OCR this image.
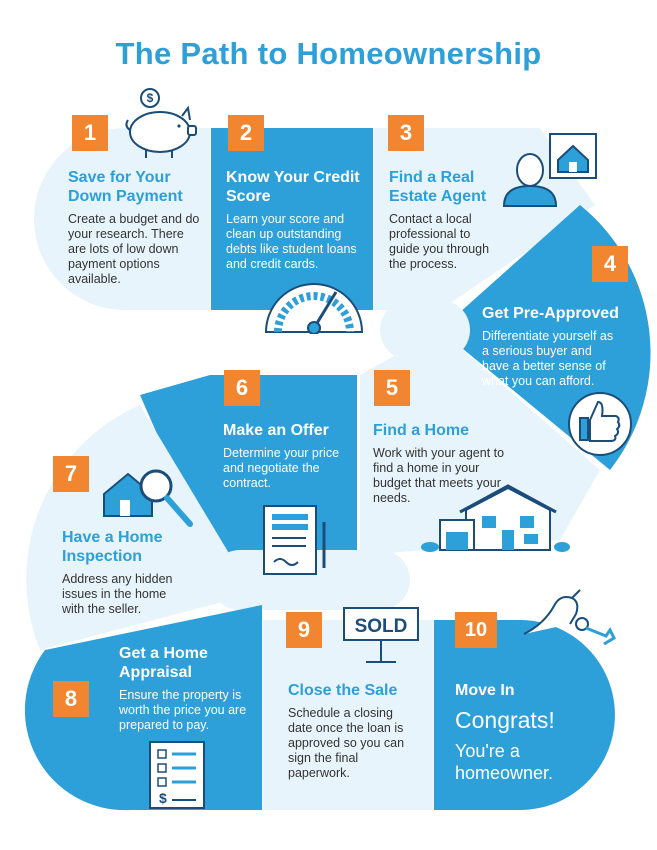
The Path to Homeownership
1	2	3
4
5
6
7
8
9	10
Save for Your Down Payment

Create a budget and do your research. There are lots of low down payment options available.

Know Your Credit Score

Learn your score and clean up outstanding debts like student loans and credit cards.

Find a Real Estate Agent

Contact a local professional to guide you through the process.

Get Pre-Approved

Differentiate yourself as a serious buyer and have a better sense of what you can afford.

Find a Home

Work with your agent to find a home in your budget that meets your needs.

Make an Offer

Determine your price and negotiate the contract.

Have a Home Inspection

Address any hidden issues in the home with the seller.

Get a Home Appraisal

Ensure the property is worth the price you are prepared to pay.

Close the Sale

Schedule a closing date once the loan is approved so you can sign the final paperwork.

Move In
Congrats!
You're a homeowner.
$
$
SOLD
